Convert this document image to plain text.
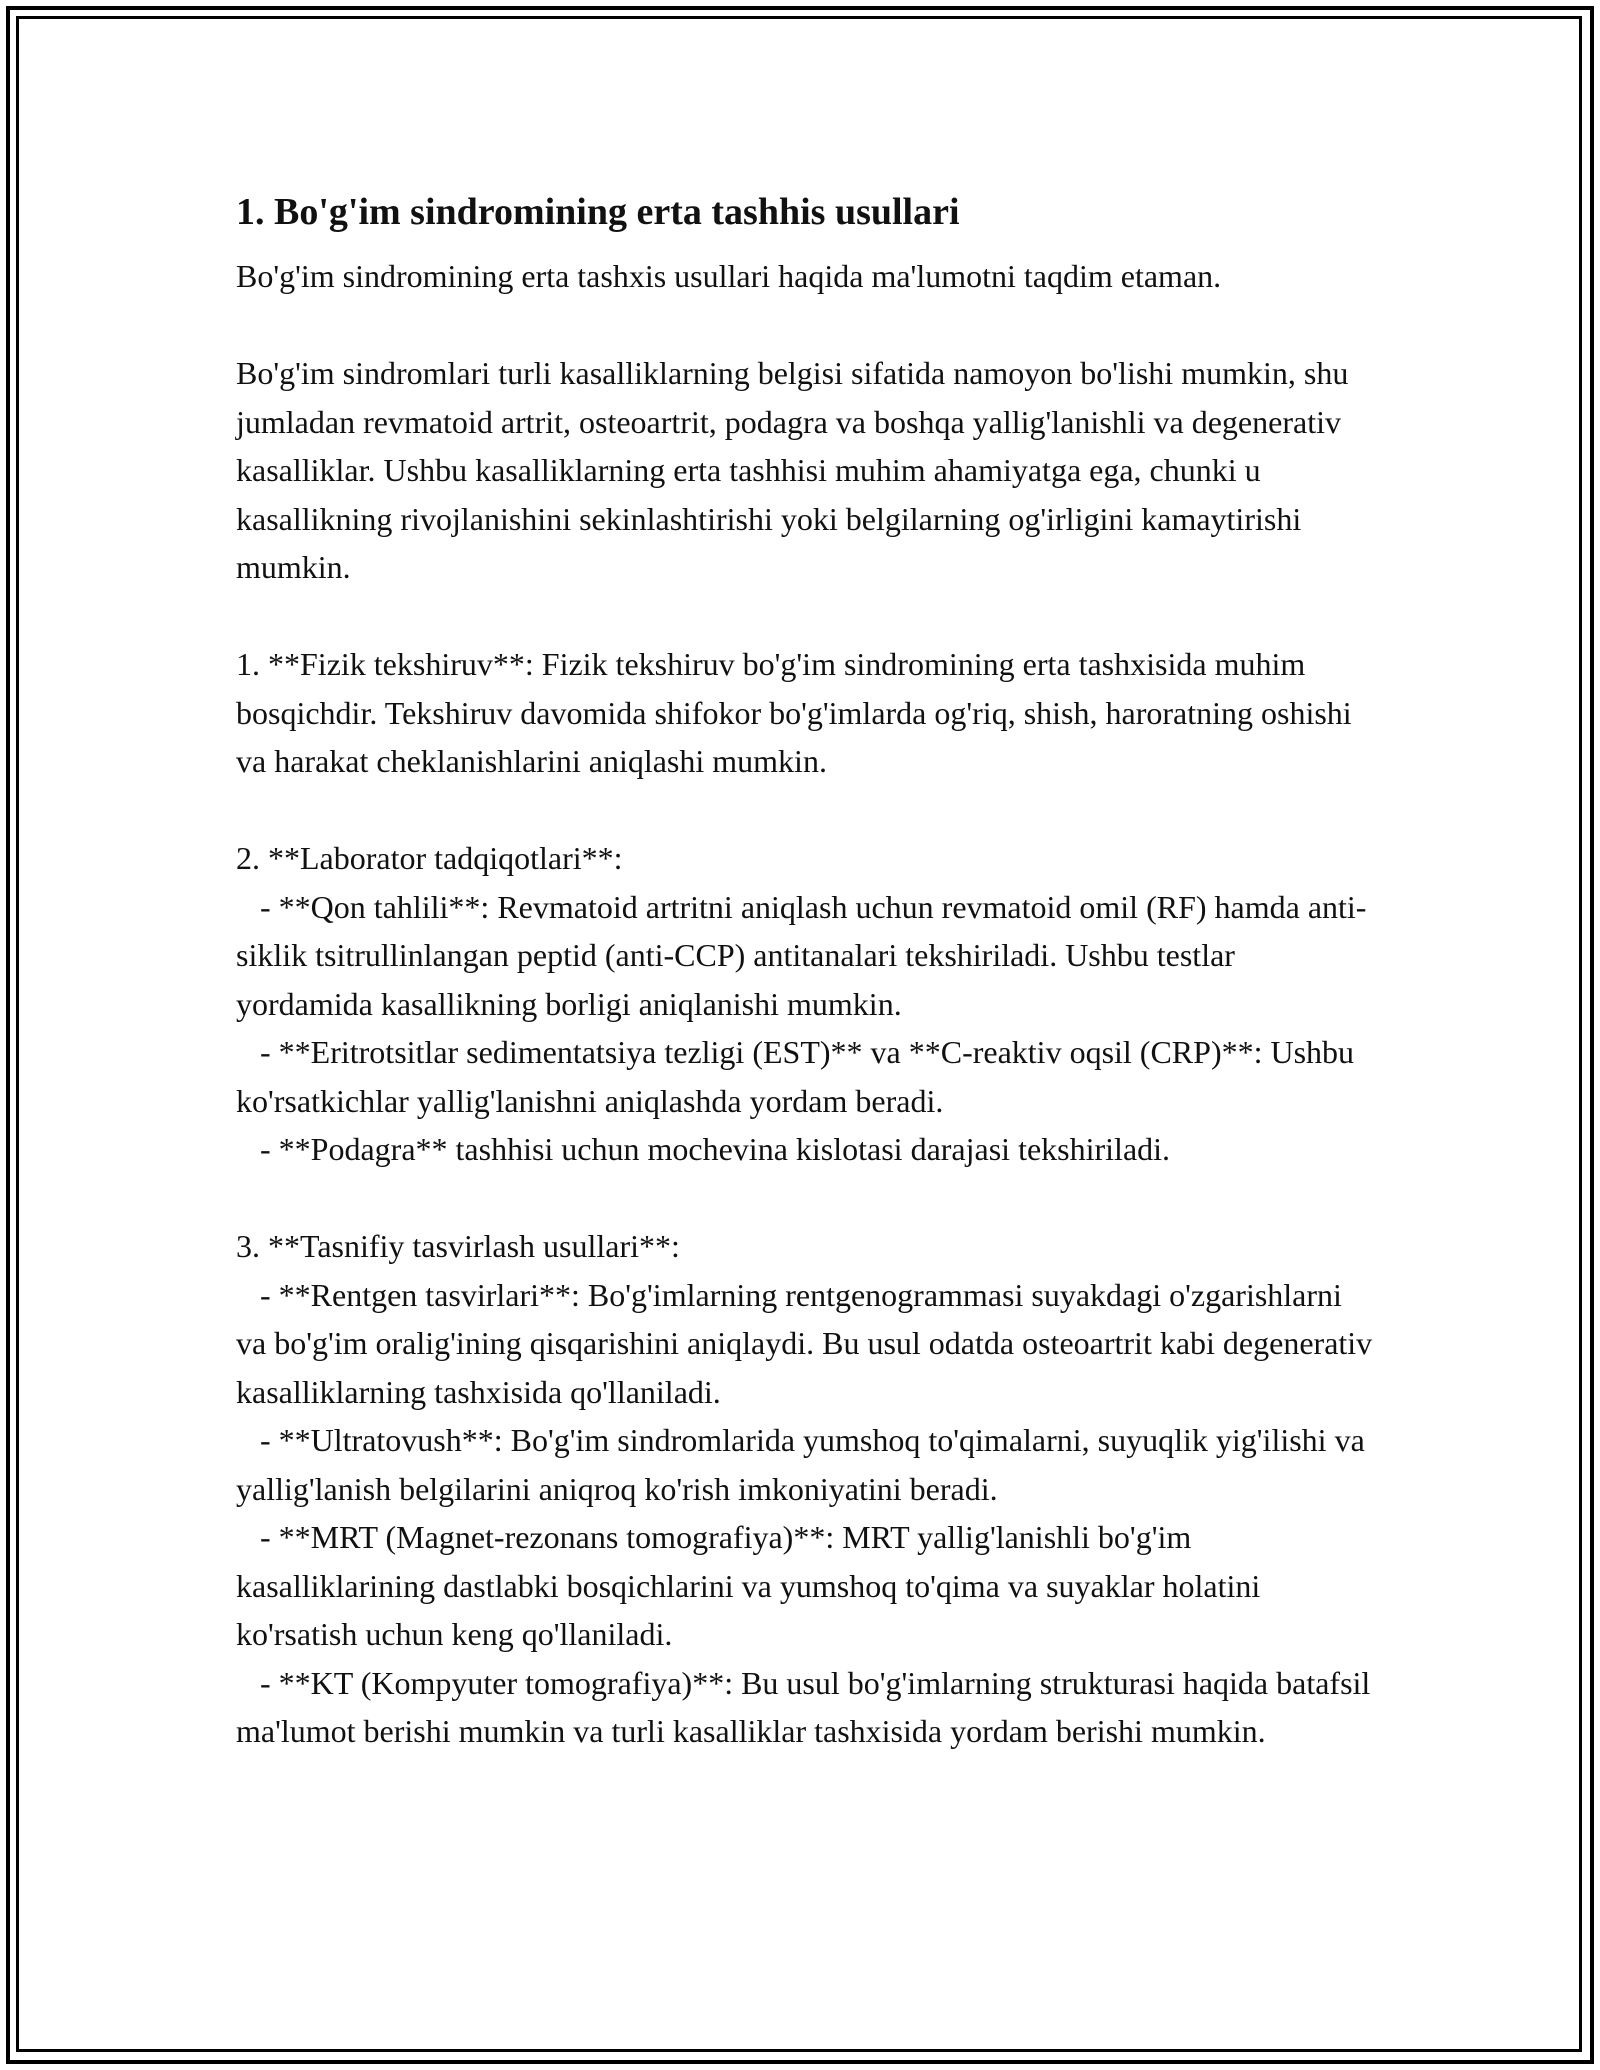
1. Bo'g'im sindromining erta tashhis usullari

Bo'g'im sindromining erta tashxis usullari haqida ma'lumotni taqdim etaman.

Bo'g'im sindromlari turli kasalliklarning belgisi sifatida namoyon bo'lishi mumkin, shu jumladan revmatoid artrit, osteoartrit, podagra va boshqa yallig'lanishli va degenerativ kasalliklar. Ushbu kasalliklarning erta tashhisi muhim ahamiyatga ega, chunki u kasallikning rivojlanishini sekinlashtirishi yoki belgilarning og'irligini kamaytirishi mumkin.

1. **Fizik tekshiruv**: Fizik tekshiruv bo'g'im sindromining erta tashxisida muhim bosqichdir. Tekshiruv davomida shifokor bo'g'imlarda og'riq, shish, haroratning oshishi va harakat cheklanishlarini aniqlashi mumkin.

2. **Laborator tadqiqotlari**:
- **Qon tahlili**: Revmatoid artritni aniqlash uchun revmatoid omil (RF) hamda anti-siklik tsitrullinlangan peptid (anti-CCP) antitanalari tekshiriladi. Ushbu testlar yordamida kasallikning borligi aniqlanishi mumkin.
- **Eritrotsitlar sedimentatsiya tezligi (EST)** va **C-reaktiv oqsil (CRP)**: Ushbu ko'rsatkichlar yallig'lanishni aniqlashda yordam beradi.
- **Podagra** tashhisi uchun mochevina kislotasi darajasi tekshiriladi.

3. **Tasnifiy tasvirlash usullari**:
- **Rentgen tasvirlari**: Bo'g'imlarning rentgenogrammasi suyakdagi o'zgarishlarni va bo'g'im oralig'ining qisqarishini aniqlaydi. Bu usul odatda osteoartrit kabi degenerativ kasalliklarning tashxisida qo'llaniladi.
- **Ultratovush**: Bo'g'im sindromlarida yumshoq to'qimalarni, suyuqlik yig'ilishi va yallig'lanish belgilarini aniqroq ko'rish imkoniyatini beradi.
- **MRT (Magnet-rezonans tomografiya)**: MRT yallig'lanishli bo'g'im kasalliklarining dastlabki bosqichlarini va yumshoq to'qima va suyaklar holatini ko'rsatish uchun keng qo'llaniladi.
- **KT (Kompyuter tomografiya)**: Bu usul bo'g'imlarning strukturasi haqida batafsil ma'lumot berishi mumkin va turli kasalliklar tashxisida yordam berishi mumkin.
